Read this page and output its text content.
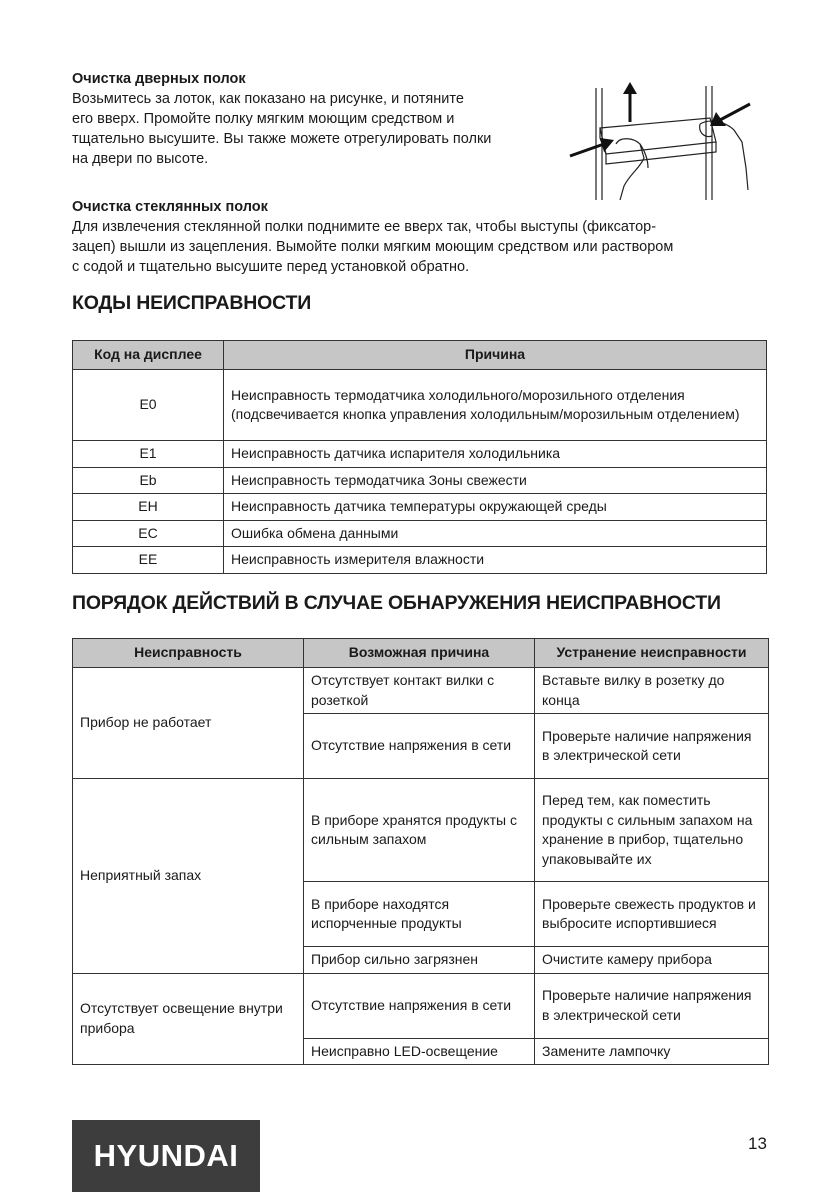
Очистка дверных полок
Возьмитесь за лоток, как показано на рисунке, и потяните
его вверх. Промойте полку мягким моющим средством и
тщательно высушите. Вы также можете отрегулировать полки
на двери по высоте.
Очистка стеклянных полок
Для извлечения стеклянной полки поднимите ее вверх так, чтобы выступы (фиксатор-
зацеп) вышли из зацепления. Вымойте полки мягким моющим средством или раствором
с содой и тщательно высушите перед установкой обратно.
КОДЫ НЕИСПРАВНОСТИ
Код на дисплее	Причина
E0	Неисправность термодатчика холодильного/морозильного отделения (подсвечивается кнопка управления холодильным/морозильным отделением)
E1	Неисправность датчика испарителя холодильника
Eb	Неисправность термодатчика Зоны свежести
EH	Неисправность датчика температуры окружающей среды
EC	Ошибка обмена данными
EE	Неисправность измерителя влажности
ПОРЯДОК ДЕЙСТВИЙ В СЛУЧАЕ ОБНАРУЖЕНИЯ НЕИСПРАВНОСТИ
Неисправность	Возможная причина	Устранение неисправности
Прибор не работает	Отсутствует контакт вилки с розеткой	Вставьте вилку в розетку до конца
	Отсутствие напряжения в сети	Проверьте наличие напряжения в электрической сети
Неприятный запах	В приборе хранятся продукты с сильным запахом	Перед тем, как поместить продукты с сильным запахом на хранение в прибор, тщательно упаковывайте их
	В приборе находятся испорченные продукты	Проверьте свежесть продуктов и выбросите испортившиеся
	Прибор сильно загрязнен	Очистите камеру прибора
Отсутствует освещение внутри прибора	Отсутствие напряжения в сети	Проверьте наличие напряжения в электрической сети
	Неисправно LED-освещение	Замените лампочку
HYUNDAI	13
